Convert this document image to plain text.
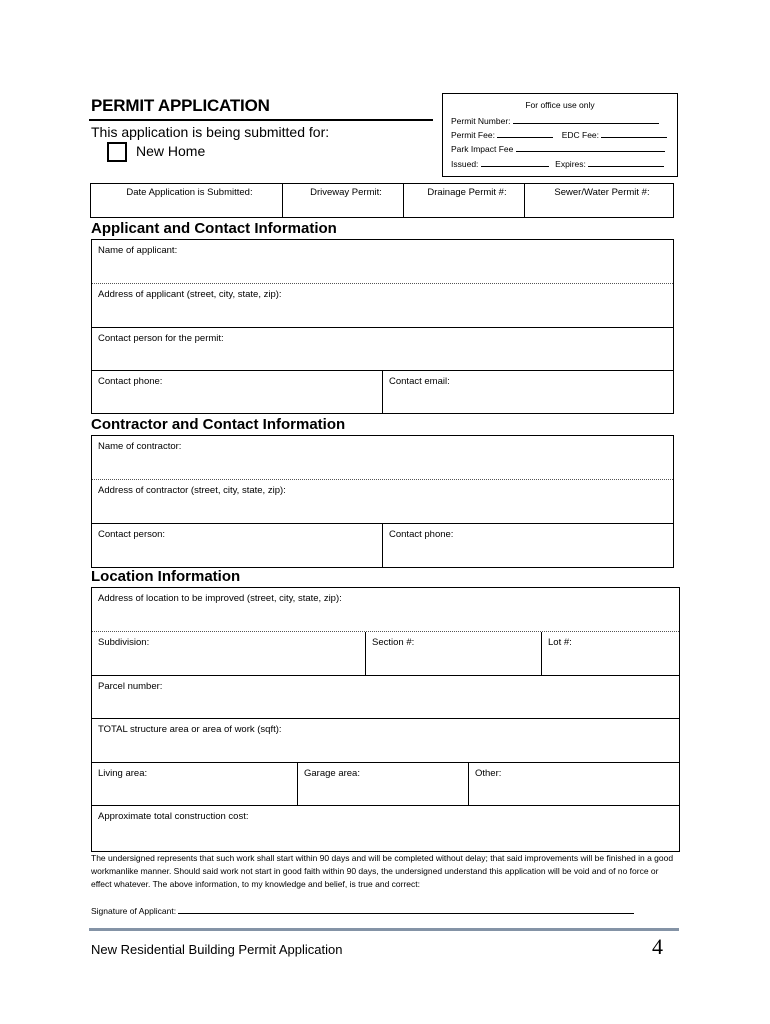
PERMIT APPLICATION
This application is being submitted for:
New Home
For office use only
Permit Number:
Permit Fee:	EDC Fee:
Park Impact Fee
Issued:	Expires:
Date Application is Submitted:	Driveway Permit:	Drainage Permit #:	Sewer/Water Permit #:
Applicant and Contact Information
Name of applicant:
Address of applicant (street, city, state, zip):
Contact person for the permit:
Contact phone:	Contact email:
Contractor and Contact Information
Name of contractor:
Address of contractor (street, city, state, zip):
Contact person:	Contact phone:
Location Information
Address of location to be improved (street, city, state, zip):
Subdivision:	Section #:	Lot #:
Parcel number:
TOTAL structure area or area of work (sqft):
Living area:	Garage area:	Other:
Approximate total construction cost:
The undersigned represents that such work shall start within 90 days and will be completed without delay; that said improvements will be finished in a good workmanlike manner. Should said work not start in good faith within 90 days, the undersigned understand this application will be void and of no force or effect whatever. The above information, to my knowledge and belief, is true and correct:
Signature of Applicant:
New Residential Building Permit Application	4
